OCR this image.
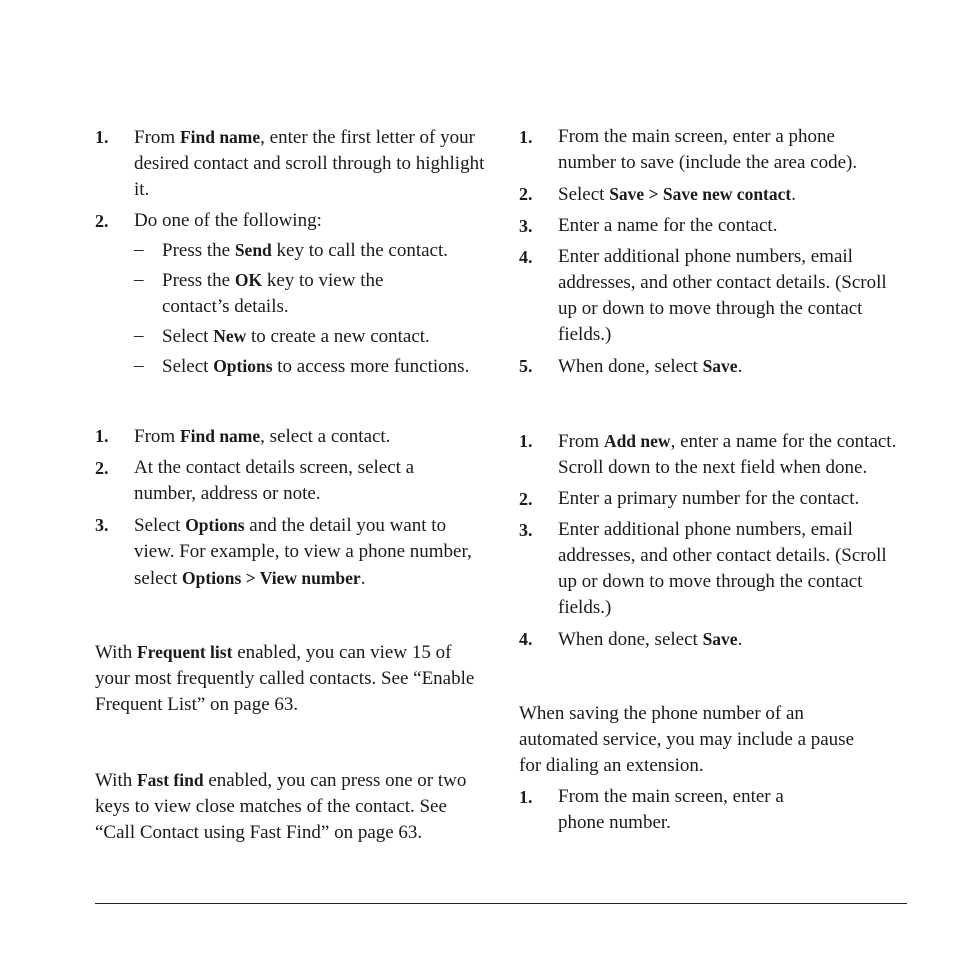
1. From Find name, enter the first letter of your desired contact and scroll through to highlight it.
2. Do one of the following:
– Press the Send key to call the contact.
– Press the OK key to view the contact’s details.
– Select New to create a new contact.
– Select Options to access more functions.
1. From Find name, select a contact.
2. At the contact details screen, select a number, address or note.
3. Select Options and the detail you want to view. For example, to view a phone number, select Options > View number.

With Frequent list enabled, you can view 15 of your most frequently called contacts. See “Enable Frequent List” on page 63.

With Fast find enabled, you can press one or two keys to view close matches of the contact. See “Call Contact using Fast Find” on page 63.

1. From the main screen, enter a phone number to save (include the area code).
2. Select Save > Save new contact.
3. Enter a name for the contact.
4. Enter additional phone numbers, email addresses, and other contact details. (Scroll up or down to move through the contact fields.)
5. When done, select Save.
1. From Add new, enter a name for the contact. Scroll down to the next field when done.
2. Enter a primary number for the contact.
3. Enter additional phone numbers, email addresses, and other contact details. (Scroll up or down to move through the contact fields.)
4. When done, select Save.

When saving the phone number of an automated service, you may include a pause for dialing an extension.

1. From the main screen, enter a phone number.
